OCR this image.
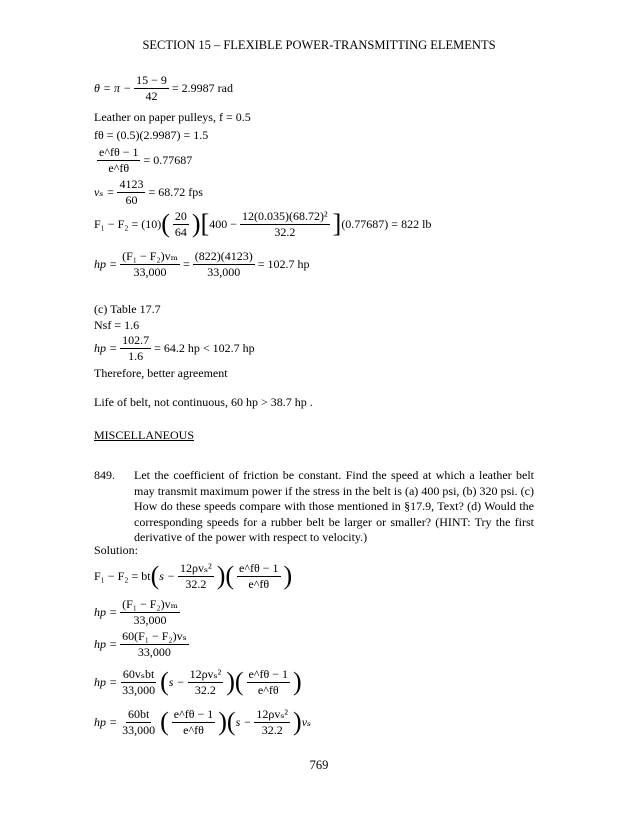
SECTION 15 – FLEXIBLE POWER-TRANSMITTING ELEMENTS
$\theta = \pi - \frac{15 - 9}{42} = 2.9987$ rad
Leather on paper pulleys, f = 0.5
fθ = (0.5)(2.9987) = 1.5
$\frac{e\^{}f\theta - 1}{e\^{}f\theta} = 0.77687$
$v_s = \frac{4123}{60} = 68.72$ fps
F₁ − F₂ = (10) ( $\frac{20}{64}$ ) [ $400 - \frac{\text{12(0.035)(68.72)²}}{32.2}$ ] (0.77687) = 822 lb
hp = $\frac{\text{(F₁ − F₂)vₘ}}{33,000} = \frac{(822)(4123)}{33,000} = 102.7$ hp
(c) Table 17.7
Nsf = 1.6
hp = $\frac{102.7}{1.6} = 64.2$ hp < 102.7 hp
Therefore, better agreement
Life of belt, not continuous, 60 hp > 38.7 hp .
MISCELLANEOUS
849. Let the coefficient of friction be constant. Find the speed at which a leather belt may transmit maximum power if the stress in the belt is (a) 400 psi, (b) 320 psi. (c) How do these speeds compare with those mentioned in §17.9, Text? (d) Would the corresponding speeds for a rubber belt be larger or smaller? (HINT: Try the first derivative of the power with respect to velocity.)
Solution:
F₁ − F₂ = bt ( s −
12ρvₛ²
32.2 ) ( $\frac{e\^{}f\theta - 1}{e\^{}f\theta}$ )
hp = $\frac{\text{(F₁ − F₂)vₘ}}{33,000}$
hp = $\frac{\text{60(F₁ − F₂)vₛ}}{33,000}$
hp =
60vₛbt
33,000 ( s −
12ρvₛ²
32.2 ) ( $\frac{e\^{}f\theta - 1}{e\^{}f\theta}$ )
hp = $\frac{60bt}{33,000}$ ( $\frac{e\^{}f\theta - 1}{e\^{}f\theta}$ ) ( s −
12ρvₛ²
32.2 ) vₛ
769
